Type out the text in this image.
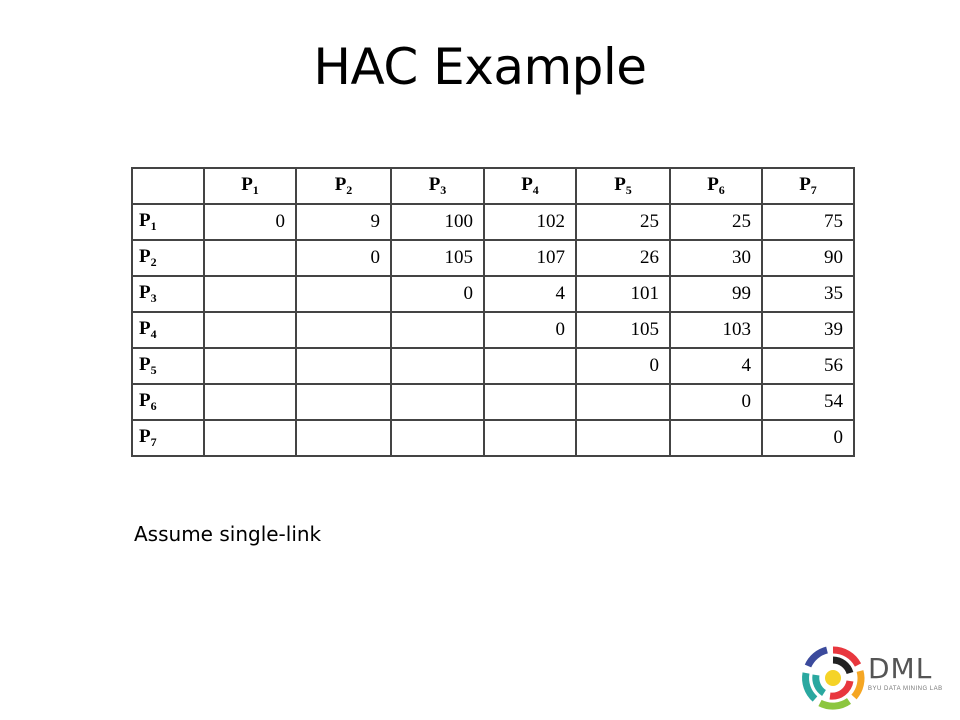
HAC Example
	$P_1$	$P_2$	$P_3$	$P_4$	$P_5$	$P_6$	$P_7$
$P_1$	0	9	100	102	25	25	75
$P_2$		0	105	107	26	30	90
$P_3$			0	4	101	99	35
$P_4$				0	105	103	39
$P_5$					0	4	56
$P_6$						0	54
$P_7$							0
Assume single-link
DML
BYU DATA MINING LAB
